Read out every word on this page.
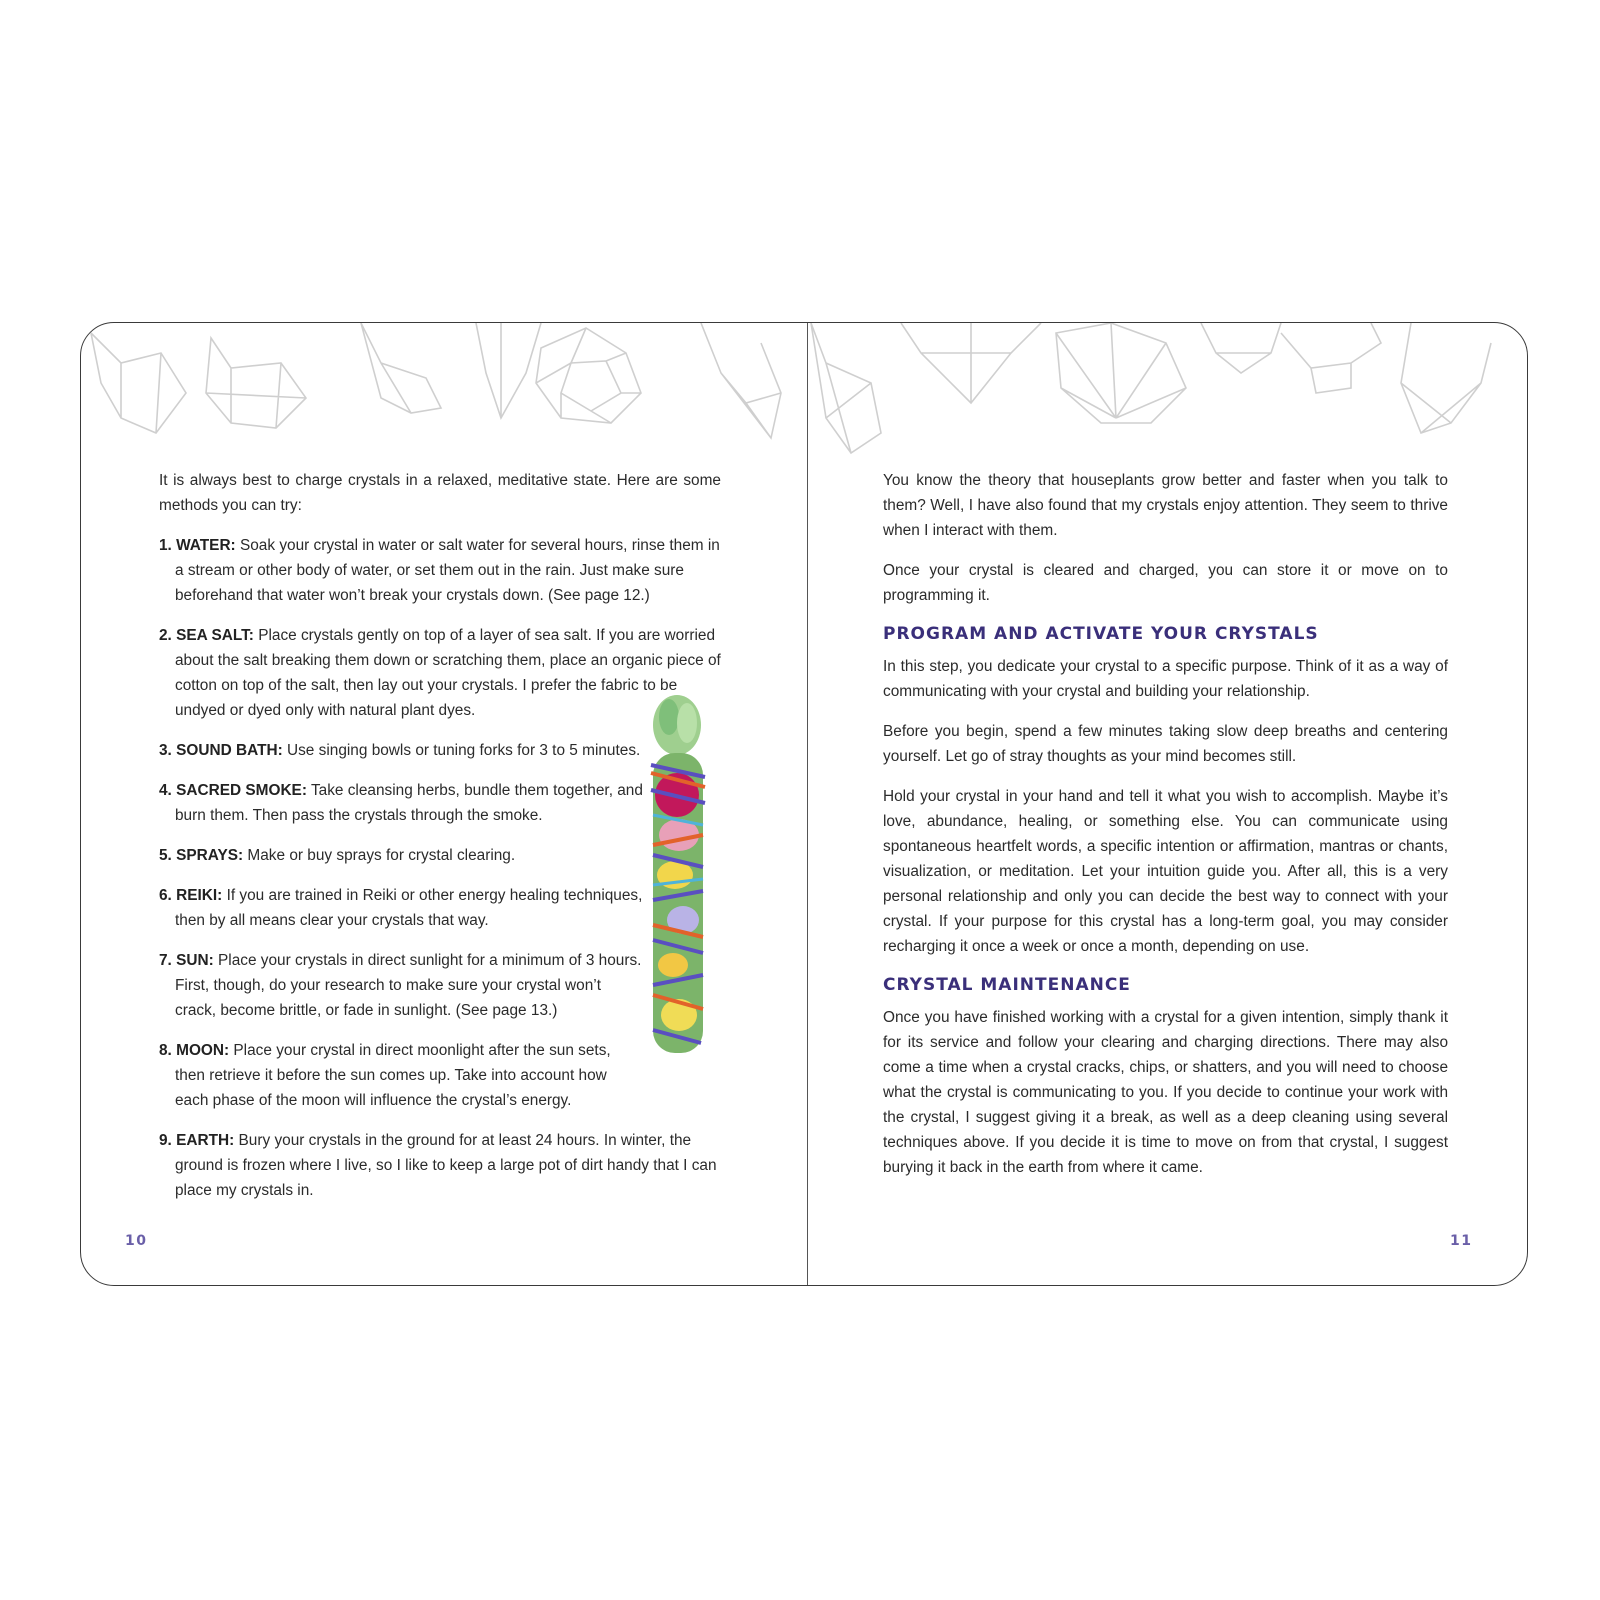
It is always best to charge crystals in a relaxed, meditative state. Here are some methods you can try:

1. WATER: Soak your crystal in water or salt water for several hours, rinse them in a stream or other body of water, or set them out in the rain. Just make sure beforehand that water won’t break your crystals down. (See page 12.)
2. SEA SALT: Place crystals gently on top of a layer of sea salt. If you are worried about the salt breaking them down or scratching them, place an organic piece of cotton on top of the salt, then lay out your crystals. I prefer the fabric to be undyed or dyed only with natural plant dyes.
3. SOUND BATH: Use singing bowls or tuning forks for 3 to 5 minutes.
4. SACRED SMOKE: Take cleansing herbs, bundle them together, and burn them. Then pass the crystals through the smoke.
5. SPRAYS: Make or buy sprays for crystal clearing.
6. REIKI: If you are trained in Reiki or other energy healing techniques, then by all means clear your crystals that way.
7. SUN: Place your crystals in direct sunlight for a minimum of 3 hours. First, though, do your research to make sure your crystal won’t crack, become brittle, or fade in sunlight. (See page 13.)
8. MOON: Place your crystal in direct moonlight after the sun sets, then retrieve it before the sun comes up. Take into account how each phase of the moon will influence the crystal’s energy.
9. EARTH: Bury your crystals in the ground for at least 24 hours. In winter, the ground is frozen where I live, so I like to keep a large pot of dirt handy that I can place my crystals in.
10

You know the theory that houseplants grow better and faster when you talk to them? Well, I have also found that my crystals enjoy attention. They seem to thrive when I interact with them.

Once your crystal is cleared and charged, you can store it or move on to programming it.

PROGRAM AND ACTIVATE YOUR CRYSTALS

In this step, you dedicate your crystal to a specific purpose. Think of it as a way of communicating with your crystal and building your relationship.

Before you begin, spend a few minutes taking slow deep breaths and centering yourself. Let go of stray thoughts as your mind becomes still.

Hold your crystal in your hand and tell it what you wish to accomplish. Maybe it’s love, abundance, healing, or something else. You can communicate using spontaneous heartfelt words, a specific intention or affirmation, mantras or chants, visualization, or meditation. Let your intuition guide you. After all, this is a very personal relationship and only you can decide the best way to connect with your crystal. If your purpose for this crystal has a long-term goal, you may consider recharging it once a week or once a month, depending on use.

CRYSTAL MAINTENANCE

Once you have finished working with a crystal for a given intention, simply thank it for its service and follow your clearing and charging directions. There may also come a time when a crystal cracks, chips, or shatters, and you will need to choose what the crystal is communicating to you. If you decide to continue your work with the crystal, I suggest giving it a break, as well as a deep cleaning using several techniques above. If you decide it is time to move on from that crystal, I suggest burying it back in the earth from where it came.

11
